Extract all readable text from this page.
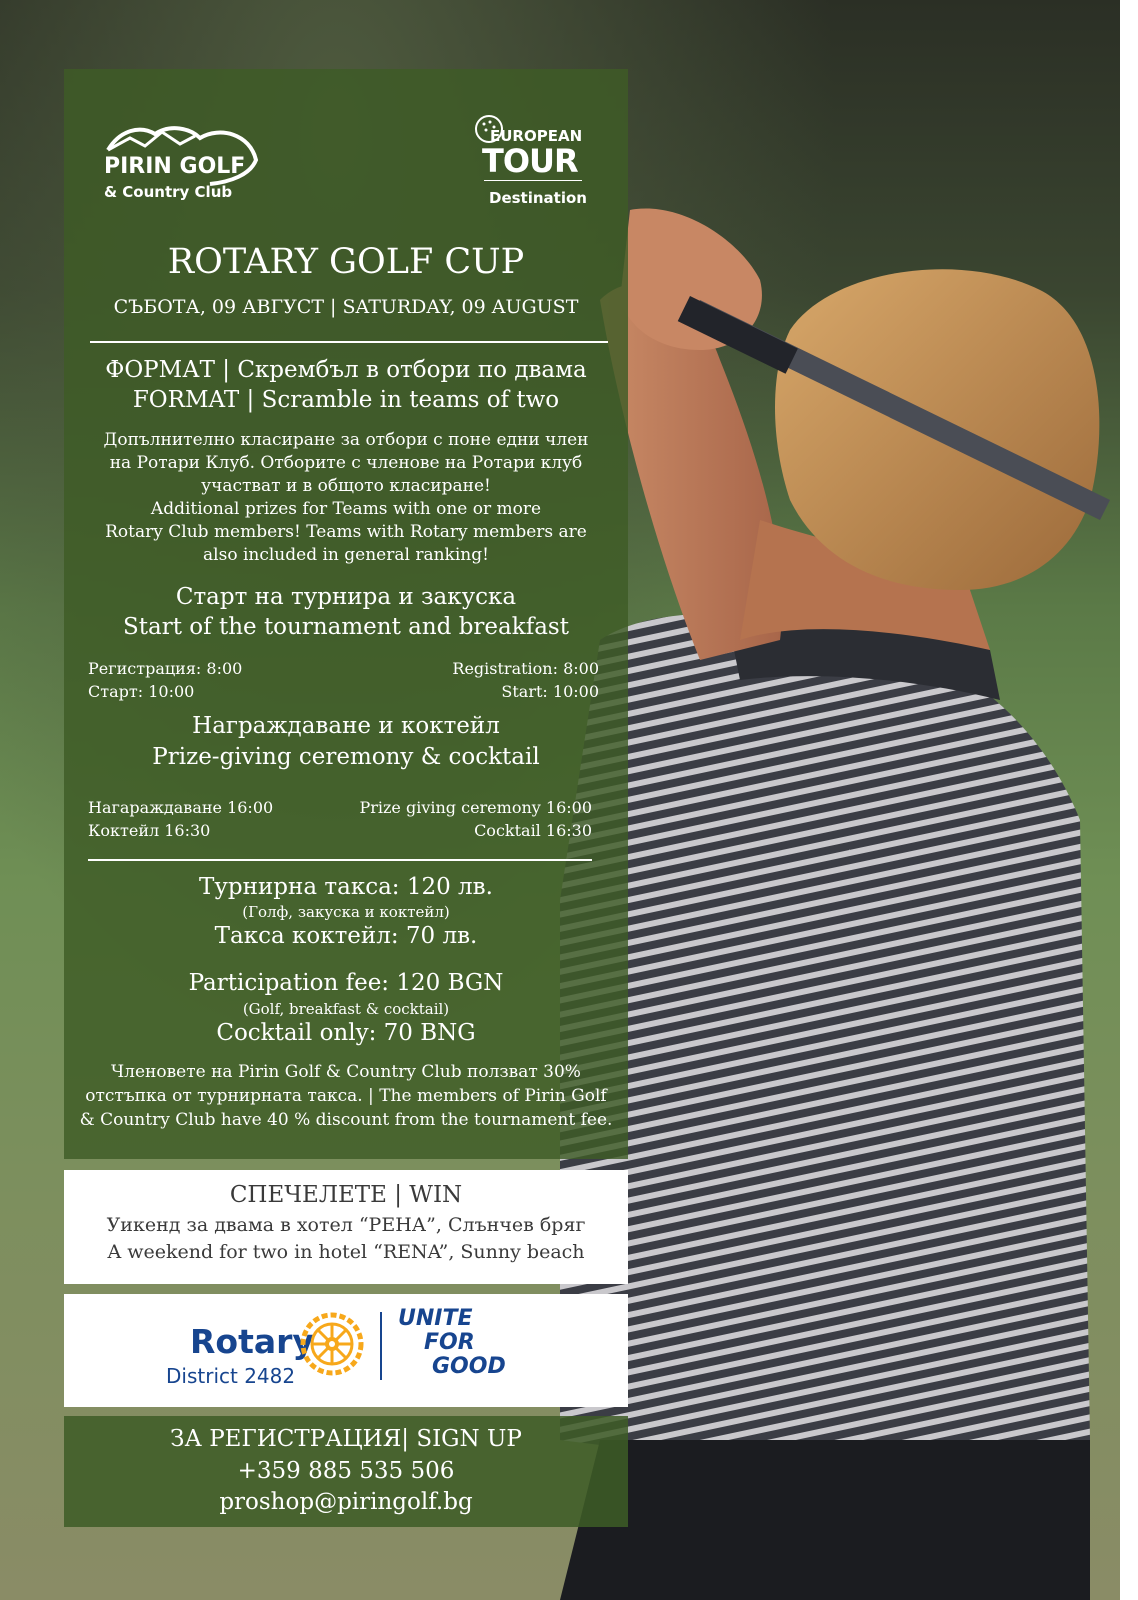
PIRIN GOLF
& Country Club
EUROPEAN
TOUR
Destination
ROTARY GOLF CUP
СЪБОТА, 09 АВГУСТ | SATURDAY, 09 AUGUST
ФОРМАТ | Скрембъл в отбори по двама
FORMAT | Scramble in teams of two
Допълнително класиране за отбори с поне едни член
на Ротари Клуб. Отборите с членове на Ротари клуб
участват и в общото класиране!
Additional prizes for Teams with one or more
Rotary Club members! Teams with Rotary members are
also included in general ranking!
Старт на турнира и закуска
Start of the tournament and breakfast
Регистрация: 8:00
Старт: 10:00
Registration: 8:00
Start: 10:00
Награждаване и коктейл
Prize-giving ceremony & cocktail
Нагараждаване 16:00
Коктейл 16:30
Prize giving ceremony 16:00
Cocktail 16:30
Турнирна такса: 120 лв.
(Голф, закуска и коктейл)
Такса коктейл: 70 лв.
Participation fee: 120 BGN
(Golf, breakfast & cocktail)
Cocktail only: 70 BNG
Членовете на Pirin Golf & Country Club ползват 30%
отстъпка от турнирната такса. | The members of Pirin Golf
& Country Club have 40 % discount from the tournament fee.
СПЕЧЕЛЕТЕ | WIN
Уикенд за двама в хотел “РЕНА”, Слънчев бряг
A weekend for two in hotel “RENA”, Sunny beach
Rotary
District 2482
UNITE
FOR
GOOD
ЗА РЕГИСТРАЦИЯ| SIGN UP
+359 885 535 506
proshop@piringolf.bg
